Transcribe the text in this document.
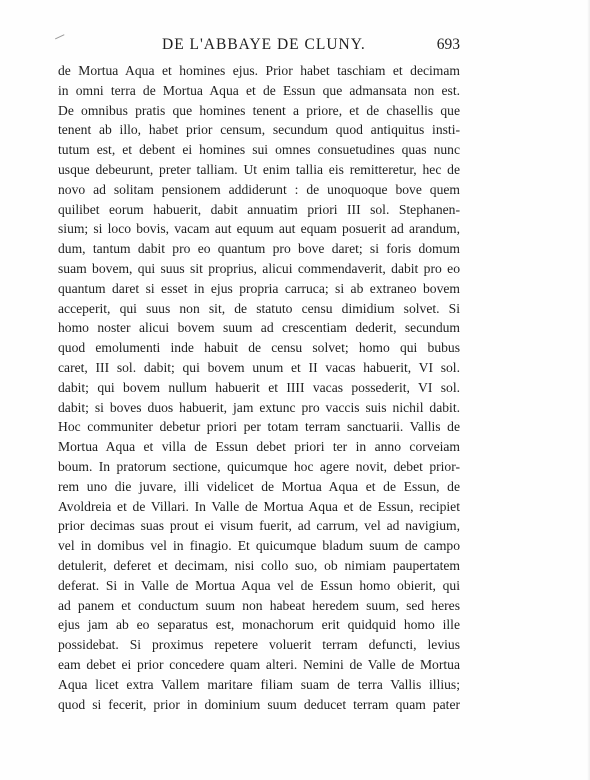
DE L'ABBAYE DE CLUNY.	693
de Mortua Aqua et homines ejus. Prior habet taschiam et decimam
in omni terra de Mortua Aqua et de Essun que admansata non est.
De omnibus pratis que homines tenent a priore, et de chasellis que
tenent ab illo, habet prior censum, secundum quod antiquitus insti-
tutum est, et debent ei homines sui omnes consuetudines quas nunc
usque debeurunt, preter talliam. Ut enim tallia eis remitteretur, hec de
novo ad solitam pensionem addiderunt : de unoquoque bove quem
quilibet eorum habuerit, dabit annuatim priori III sol. Stephanen-
sium; si loco bovis, vacam aut equum aut equam posuerit ad arandum,
dum, tantum dabit pro eo quantum pro bove daret; si foris domum
suam bovem, qui suus sit proprius, alicui commendaverit, dabit pro eo
quantum daret si esset in ejus propria carruca; si ab extraneo bovem
acceperit, qui suus non sit, de statuto censu dimidium solvet. Si
homo noster alicui bovem suum ad crescentiam dederit, secundum
quod emolumenti inde habuit de censu solvet; homo qui bubus
caret, III sol. dabit; qui bovem unum et II vacas habuerit, VI sol.
dabit; qui bovem nullum habuerit et IIII vacas possederit, VI sol.
dabit; si boves duos habuerit, jam extunc pro vaccis suis nichil dabit.
Hoc communiter debetur priori per totam terram sanctuarii. Vallis de
Mortua Aqua et villa de Essun debet priori ter in anno corveiam
boum. In pratorum sectione, quicumque hoc agere novit, debet prior-
rem uno die juvare, illi videlicet de Mortua Aqua et de Essun, de
Avoldreia et de Villari. In Valle de Mortua Aqua et de Essun, recipiet
prior decimas suas prout ei visum fuerit, ad carrum, vel ad navigium,
vel in domibus vel in finagio. Et quicumque bladum suum de campo
detulerit, deferet et decimam, nisi collo suo, ob nimiam paupertatem
deferat. Si in Valle de Mortua Aqua vel de Essun homo obierit, qui
ad panem et conductum suum non habeat heredem suum, sed heres
ejus jam ab eo separatus est, monachorum erit quidquid homo ille
possidebat. Si proximus repetere voluerit terram defuncti, levius
eam debet ei prior concedere quam alteri. Nemini de Valle de Mortua
Aqua licet extra Vallem maritare filiam suam de terra Vallis illius;
quod si fecerit, prior in dominium suum deducet terram quam pater
